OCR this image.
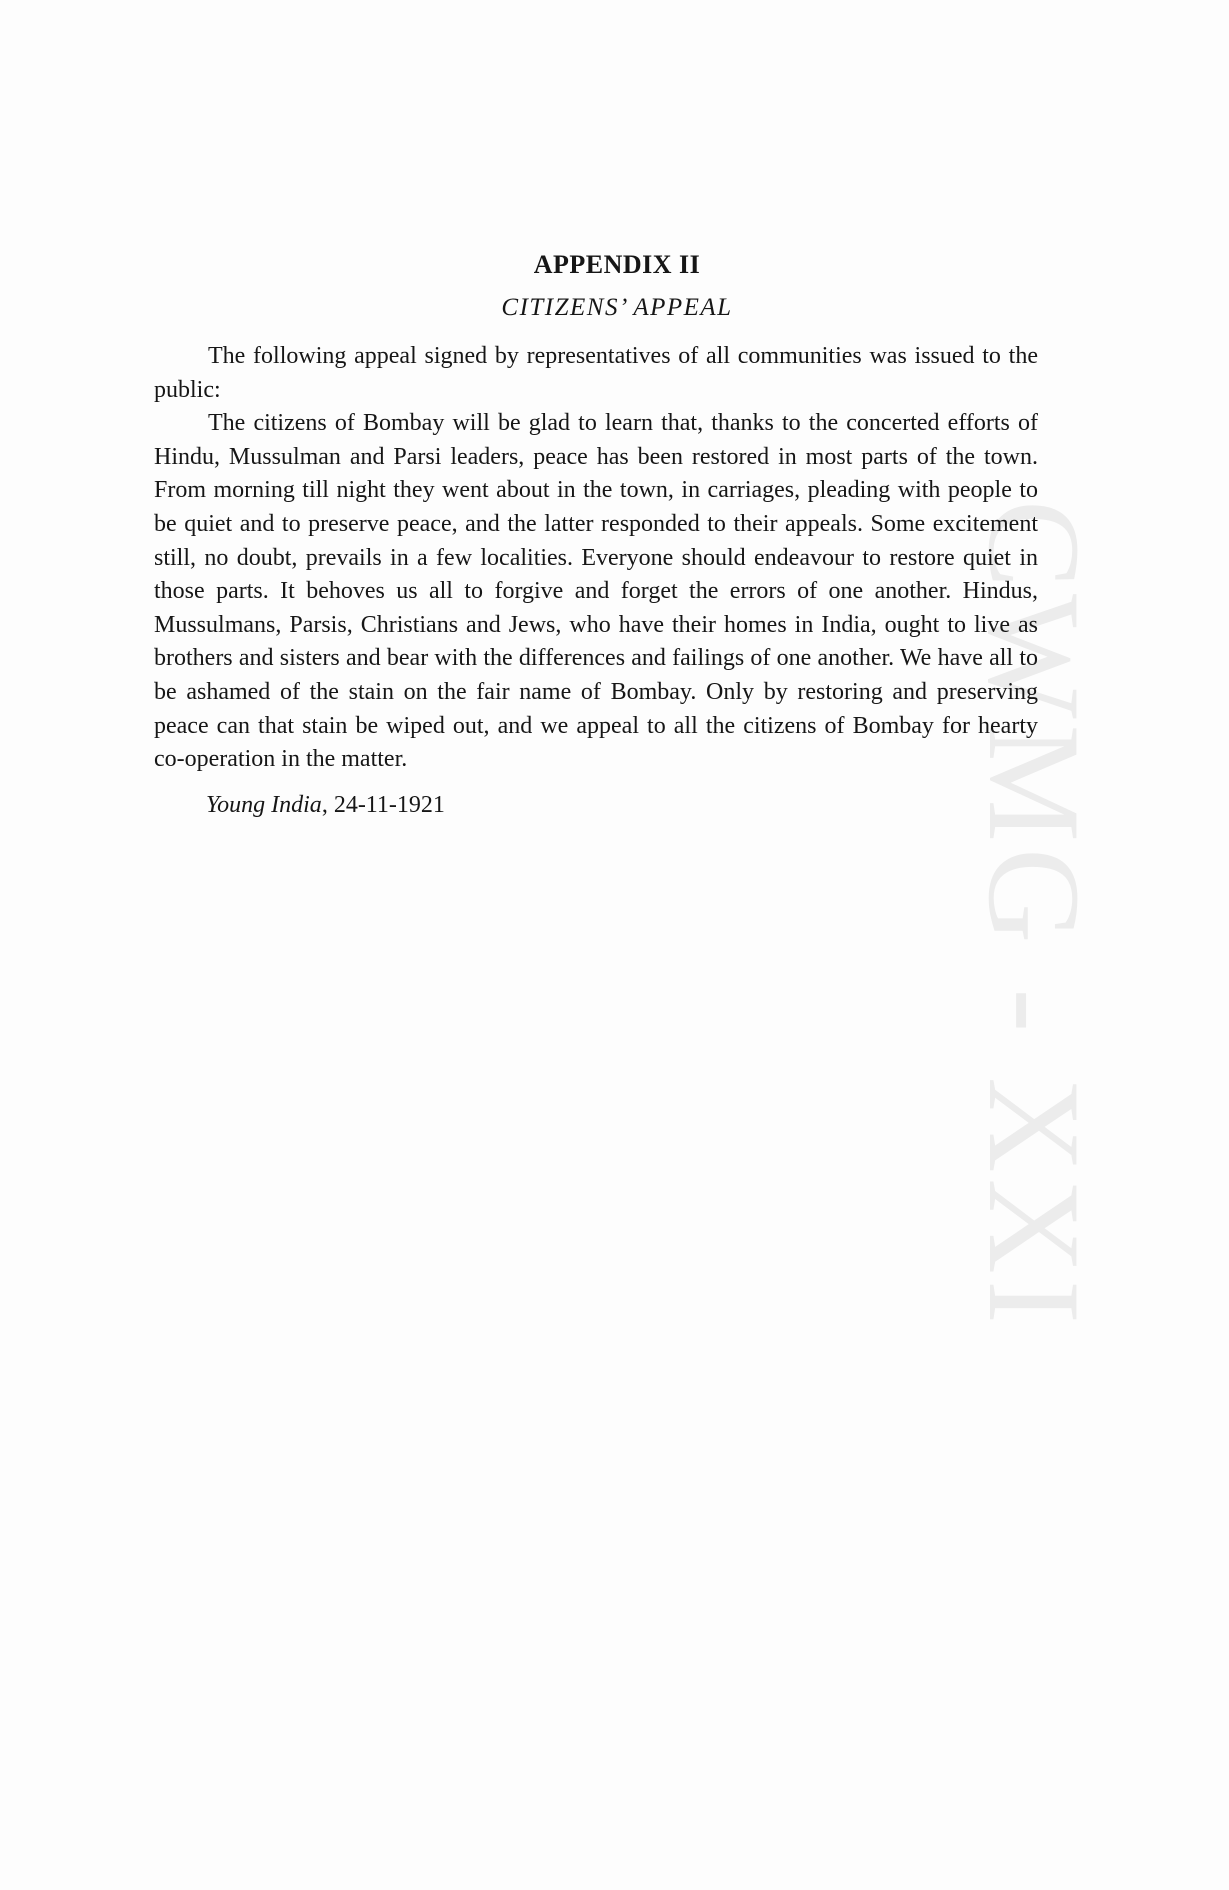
CWMG - XXI
APPENDIX II
CITIZENS’ APPEAL

The following appeal signed by representatives of all communities was issued to the public:

The citizens of Bombay will be glad to learn that, thanks to the concerted efforts of Hindu, Mussulman and Parsi leaders, peace has been restored in most parts of the town. From morning till night they went about in the town, in carriages, pleading with people to be quiet and to preserve peace, and the latter responded to their appeals. Some excitement still, no doubt, prevails in a few localities. Everyone should endeavour to restore quiet in those parts. It behoves us all to forgive and forget the errors of one another. Hindus, Mussulmans, Parsis, Christians and Jews, who have their homes in India, ought to live as brothers and sisters and bear with the differences and failings of one another. We have all to be ashamed of the stain on the fair name of Bombay. Only by restoring and preserving peace can that stain be wiped out, and we appeal to all the citizens of Bombay for hearty co-operation in the matter.

Young India, 24-11-1921
